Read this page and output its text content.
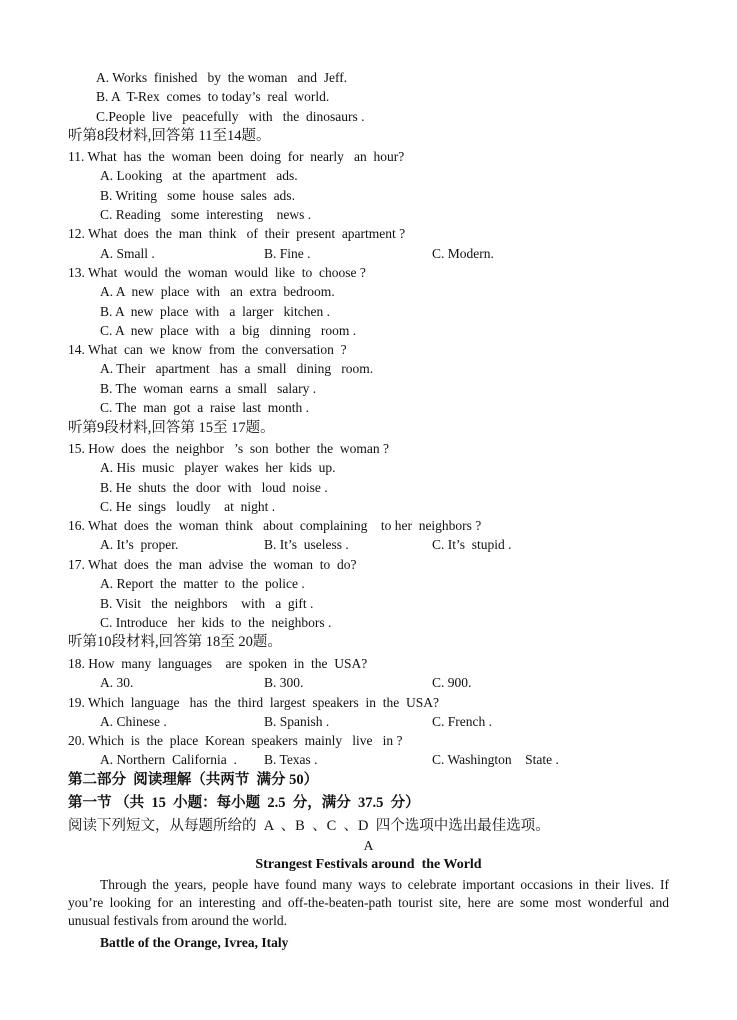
A. Works  finished   by  the woman   and  Jeff.
B. A  T-Rex  comes  to today’s  real  world.
C.People  live   peacefully   with   the  dinosaurs .
听第8段材料,回答第 11至14题。
11. What  has  the  woman  been  doing  for  nearly   an  hour?
A. Looking   at  the  apartment   ads.
B. Writing   some  house  sales  ads.
C. Reading   some  interesting    news .
12. What  does  the  man  think   of  their  present  apartment ?
A. Small .	B. Fine .	C. Modern.
13. What  would  the  woman  would  like  to  choose ?
A. A  new  place  with   an  extra  bedroom.
B. A  new  place  with   a  larger   kitchen .
C. A  new  place  with   a  big   dinning   room .
14. What  can  we  know  from  the  conversation  ?
A. Their   apartment   has  a  small   dining   room.
B. The  woman  earns  a  small   salary .
C. The  man  got  a  raise  last  month .
听第9段材料,回答第 15至 17题。
15. How  does  the  neighbor   ’s  son  bother  the  woman ?
A. His  music   player  wakes  her  kids  up.
B. He  shuts  the  door  with   loud  noise .
C. He  sings   loudly    at  night .
16. What  does  the  woman  think   about  complaining    to her  neighbors ?
A. It’s  proper.	B. It’s  useless .	C. It’s  stupid .
17. What  does  the  man  advise  the  woman  to  do?
A. Report  the  matter  to  the  police .
B. Visit   the  neighbors    with   a  gift .
C. Introduce   her  kids  to  the  neighbors .
听第10段材料,回答第 18至 20题。
18. How  many  languages    are  spoken  in  the  USA?
A. 30.	B. 300.	C. 900.
19. Which  language   has  the  third  largest  speakers  in  the  USA?
A. Chinese .	B. Spanish .	C. French .
20. Which  is  the  place  Korean  speakers  mainly   live   in ?
A. Northern  California  . B. Texas .	C. Washington    State .
第二部分  阅读理解（共两节  满分 50）
第一节 （共  15  小题：每小题  2.5  分，满分  37.5  分）
阅读下列短文，从每题所给的  A  、B  、C  、D  四个选项中选出最佳选项。
A
Strangest Festivals around  the World
Through the years, people have found many ways to celebrate important occasions in their lives. If you’re looking for an interesting and off-the-beaten-path tourist site, here are some most wonderful and unusual festivals from around the world.
Battle of the Orange, Ivrea, Italy
